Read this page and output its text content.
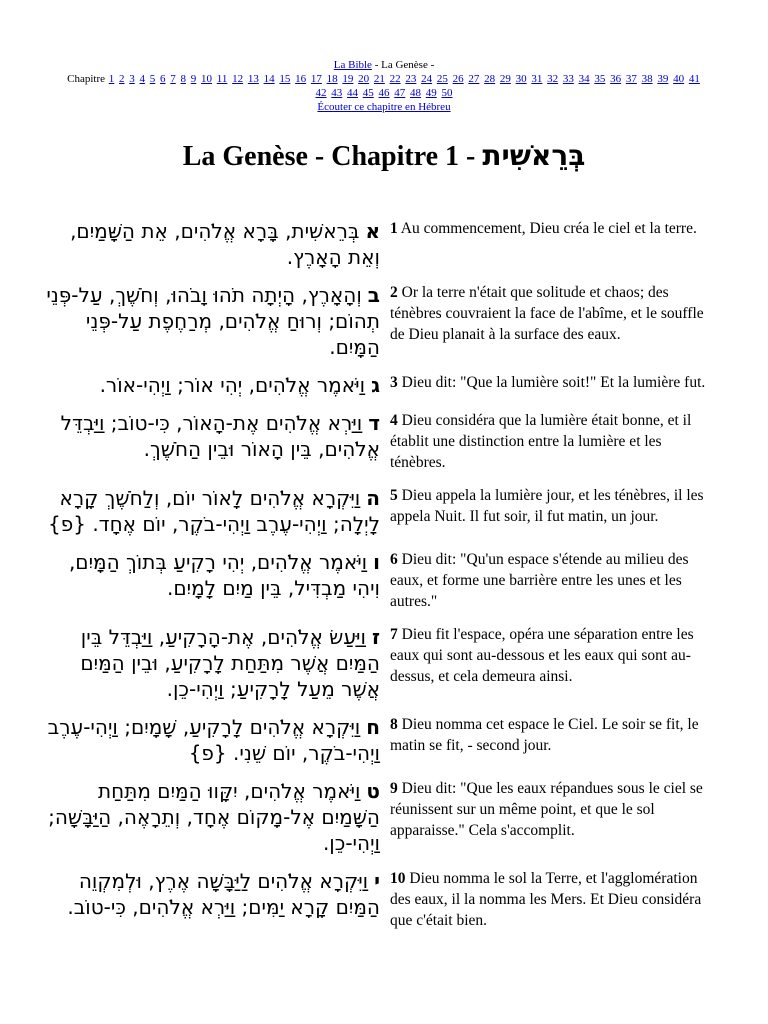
La Bible - La Genèse -
Chapitre 1 2 3 4 5 6 7 8 9 10 11 12 13 14 15 16 17 18 19 20 21 22 23 24 25 26 27 28 29 30 31 32 33 34 35 36 37 38 39 40 41
42 43 44 45 46 47 48 49 50
Écouter ce chapitre en Hébreu
La Genèse - Chapitre 1 - בְּרֵאשִׁית
אבְּרֵאשִׁית, בָּרָא אֱלֹהִים, אֵת הַשָּׁמַיִם, וְאֵת הָאָרֶץ.
1 Au commencement, Dieu créa le ciel et la terre.
בוְהָאָרֶץ, הָיְתָה תֹהוּ וָבֹהוּ, וְחֹשֶׁךְ, עַל-פְּנֵי תְהוֹם; וְרוּחַ אֱלֹהִים, מְרַחֶפֶת עַל-פְּנֵי הַמָּיִם.
2 Or la terre n'était que solitude et chaos; des ténèbres couvraient la face de l'abîme, et le souffle de Dieu planait à la surface des eaux.
גוַיֹּאמֶר אֱלֹהִים, יְהִי אוֹר; וַיְהִי-אוֹר.	3 Dieu dit: "Que la lumière soit!" Et la lumière fut.
דוַיַּרְא אֱלֹהִים אֶת-הָאוֹר, כִּי-טוֹב; וַיַּבְדֵּל אֱלֹהִים, בֵּין הָאוֹר וּבֵין הַחֹשֶׁךְ.
4 Dieu considéra que la lumière était bonne, et il établit une distinction entre la lumière et les ténèbres.
הוַיִּקְרָא אֱלֹהִים לָאוֹר יוֹם, וְלַחֹשֶׁךְ קָרָא לָיְלָה; וַיְהִי-עֶרֶב וַיְהִי-בֹקֶר, יוֹם אֶחָד. {פ}
5 Dieu appela la lumière jour, et les ténèbres, il les appela Nuit. Il fut soir, il fut matin, un jour.
ווַיֹּאמֶר אֱלֹהִים, יְהִי רָקִיעַ בְּתוֹךְ הַמָּיִם, וִיהִי מַבְדִּיל, בֵּין מַיִם לָמָיִם.
6 Dieu dit: "Qu'un espace s'étende au milieu des eaux, et forme une barrière entre les unes et les autres."
זוַיַּעַשׂ אֱלֹהִים, אֶת-הָרָקִיעַ, וַיַּבְדֵּל בֵּין הַמַּיִם אֲשֶׁר מִתַּחַת לָרָקִיעַ, וּבֵין הַמַּיִם אֲשֶׁר מֵעַל לָרָקִיעַ; וַיְהִי-כֵן.
7 Dieu fit l'espace, opéra une séparation entre les eaux qui sont au-dessous et les eaux qui sont au-dessus, et cela demeura ainsi.
חוַיִּקְרָא אֱלֹהִים לָרָקִיעַ, שָׁמָיִם; וַיְהִי-עֶרֶב וַיְהִי-בֹקֶר, יוֹם שֵׁנִי. {פ}
8 Dieu nomma cet espace le Ciel. Le soir se fit, le matin se fit, - second jour.
טוַיֹּאמֶר אֱלֹהִים, יִקָּווּ הַמַּיִם מִתַּחַת הַשָּׁמַיִם אֶל-מָקוֹם אֶחָד, וְתֵרָאֶה, הַיַּבָּשָׁה; וַיְהִי-כֵן.
9 Dieu dit: "Que les eaux répandues sous le ciel se réunissent sur un même point, et que le sol apparaisse." Cela s'accomplit.
יוַיִּקְרָא אֱלֹהִים לַיַּבָּשָׁה אֶרֶץ, וּלְמִקְוֵה הַמַּיִם קָרָא יַמִּים; וַיַּרְא אֱלֹהִים, כִּי-טוֹב.
10 Dieu nomma le sol la Terre, et l'agglomération des eaux, il la nomma les Mers. Et Dieu considéra que c'était bien.
